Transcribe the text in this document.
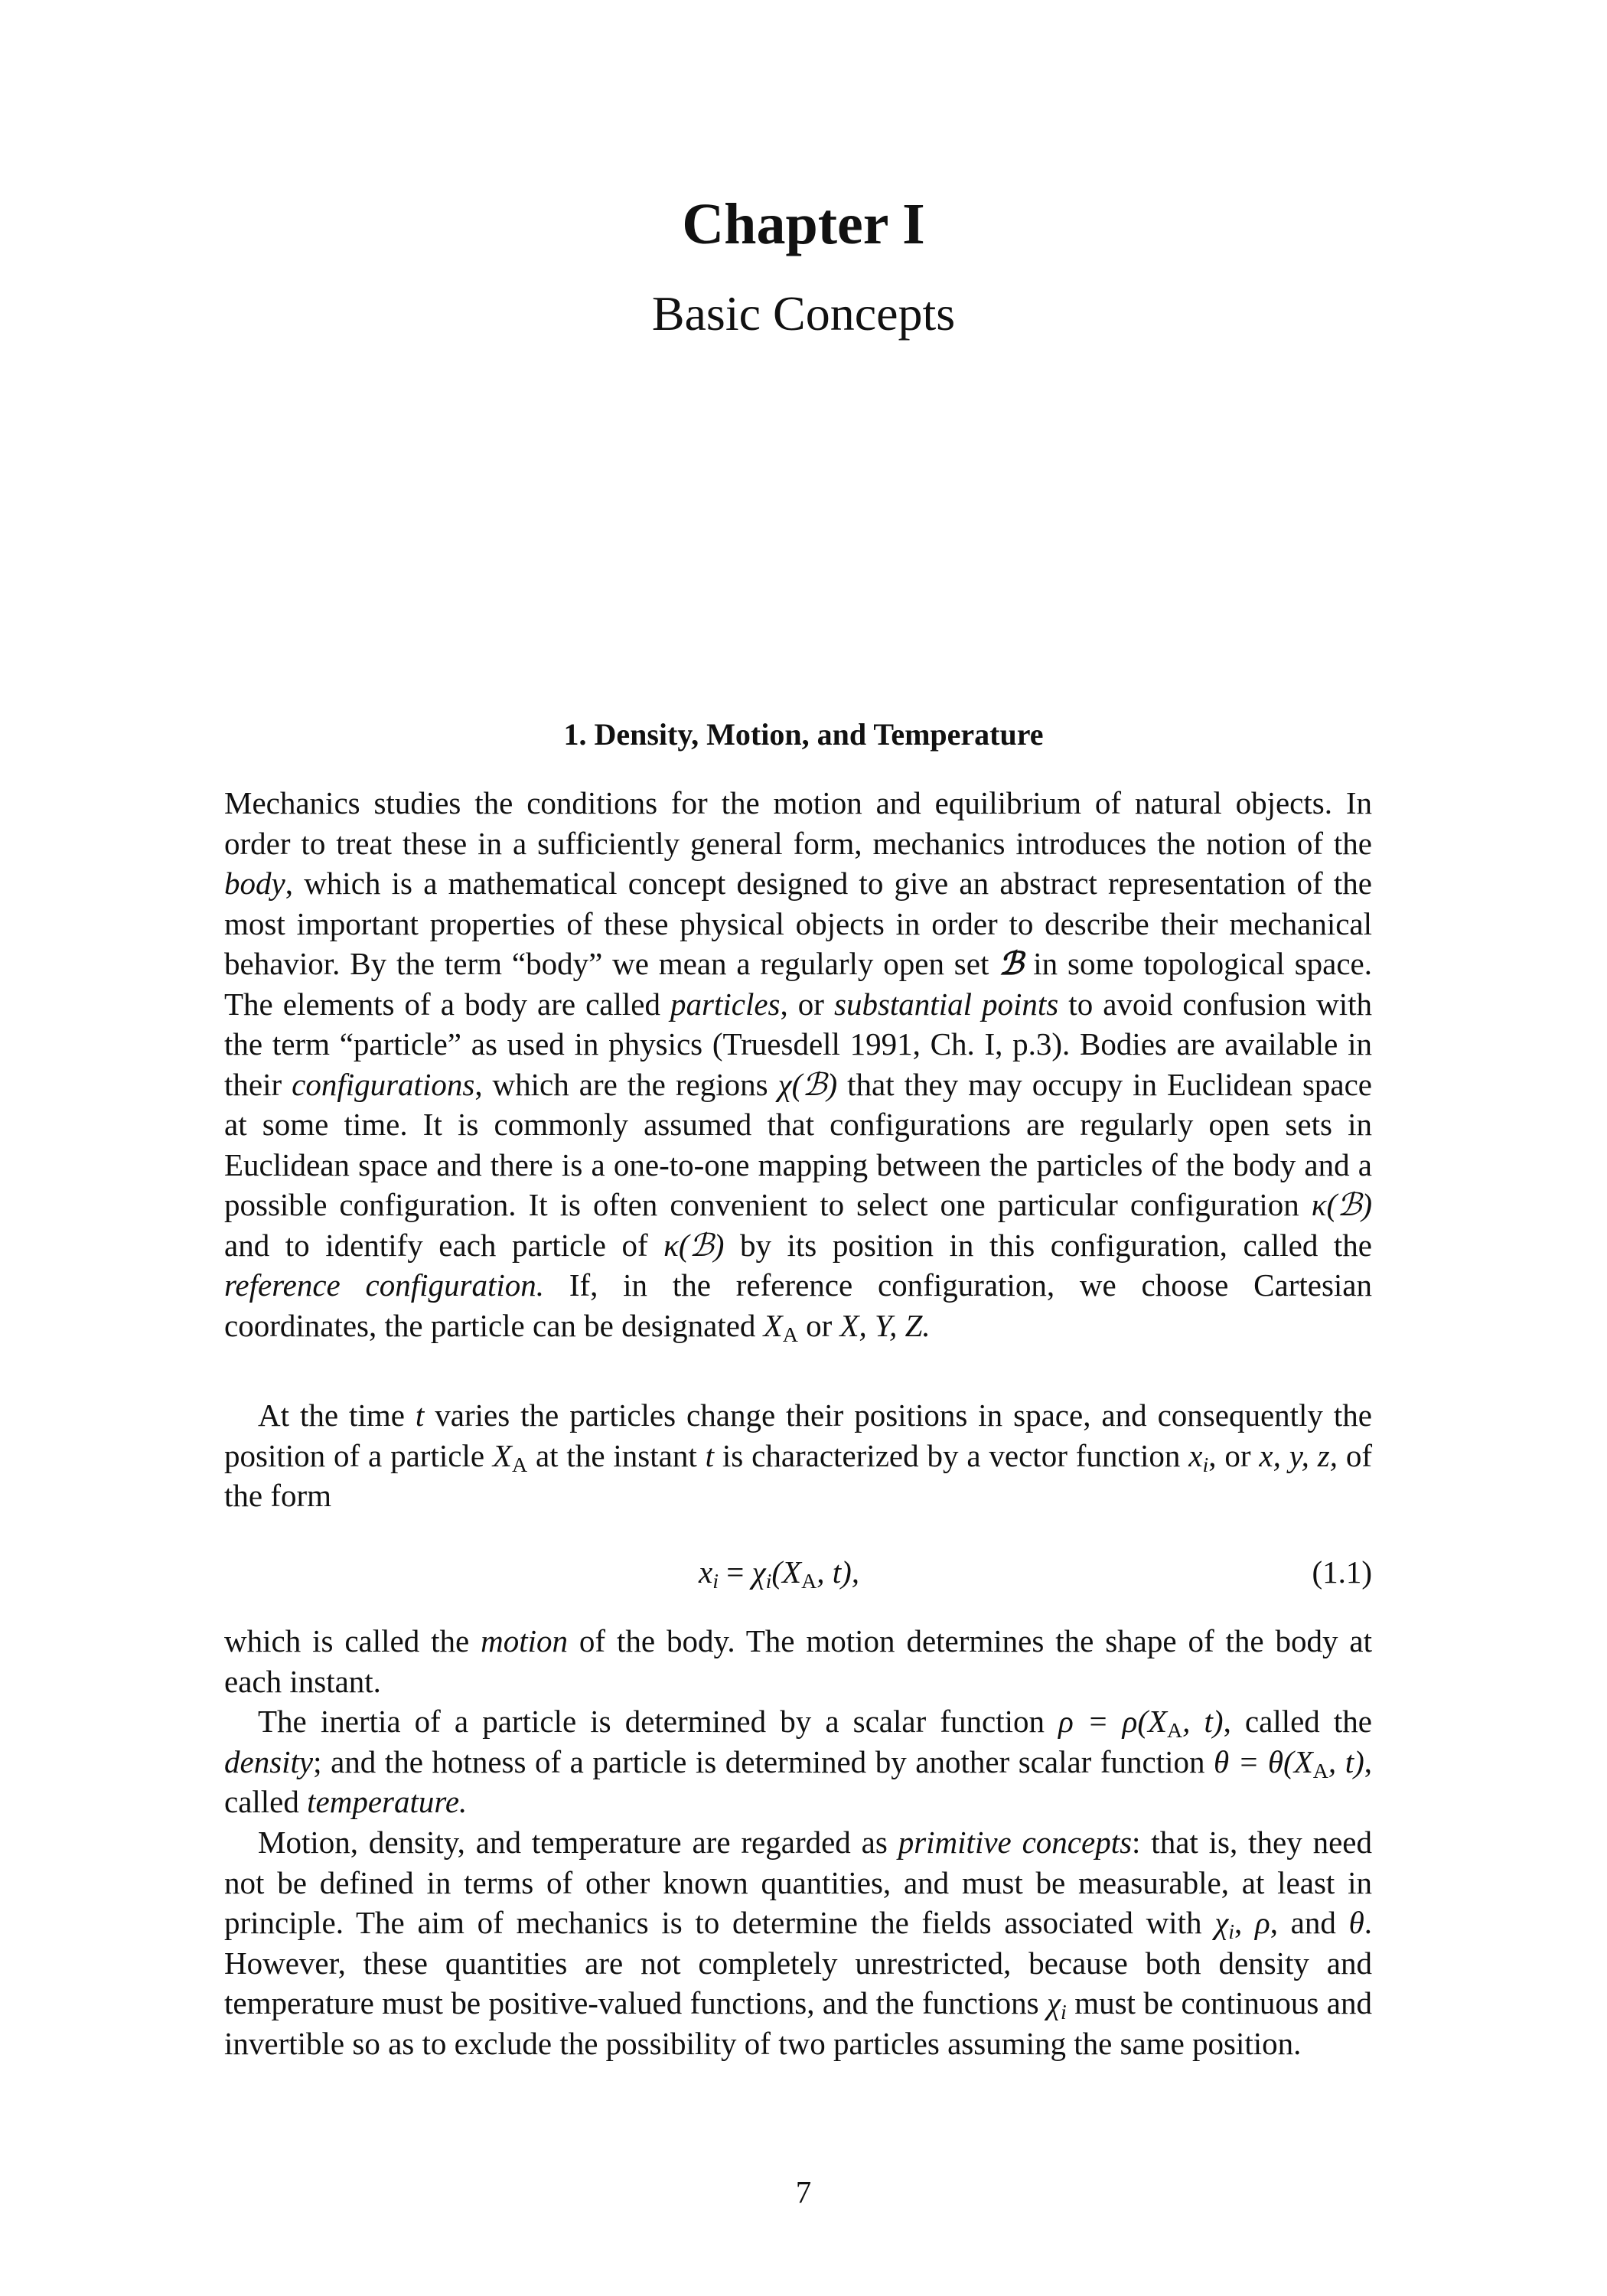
Chapter I
Basic Concepts
1. Density, Motion, and Temperature

Mechanics studies the conditions for the motion and equilibrium of natural objects. In order to treat these in a sufficiently general form, mechanics introduces the notion of the body, which is a mathematical concept designed to give an abstract representation of the most important properties of these physical objects in order to describe their mechanical behavior. By the term “body” we mean a regularly open set ℬ in some topological space. The elements of a body are called particles, or substantial points to avoid confusion with the term “particle” as used in physics (Truesdell 1991, Ch. I, p.3). Bodies are available in their configurations, which are the regions χ(ℬ) that they may occupy in Euclidean space at some time. It is commonly assumed that configurations are regularly open sets in Euclidean space and there is a one-to-one mapping between the particles of the body and a possible configuration. It is often convenient to select one particular configuration κ(ℬ) and to identify each particle of κ(ℬ) by its position in this configuration, called the reference configuration. If, in the reference configuration, we choose Cartesian coordinates, the particle can be designated $X_A$ or X, Y, Z.

At the time t varies the particles change their positions in space, and consequently the position of a particle $X_A$ at the instant t is characterized by a vector function $x_i$, or x, y, z, of the form

$x_i = \chi_i(X_A$, t),	(1.1)

which is called the motion of the body. The motion determines the shape of the body at each instant.

The inertia of a particle is determined by a scalar function $\rho = \rho(X_A$, t), called the density; and the hotness of a particle is determined by another scalar function $\theta = \theta(X_A$, t), called temperature.

Motion, density, and temperature are regarded as primitive concepts: that is, they need not be defined in terms of other known quantities, and must be measurable, at least in principle. The aim of mechanics is to determine the fields associated with $\chi_i$, ρ, and θ. However, these quantities are not completely unrestricted, because both density and temperature must be positive-valued functions, and the functions $\chi_i$ must be continuous and invertible so as to exclude the possibility of two particles assuming the same position.

7
